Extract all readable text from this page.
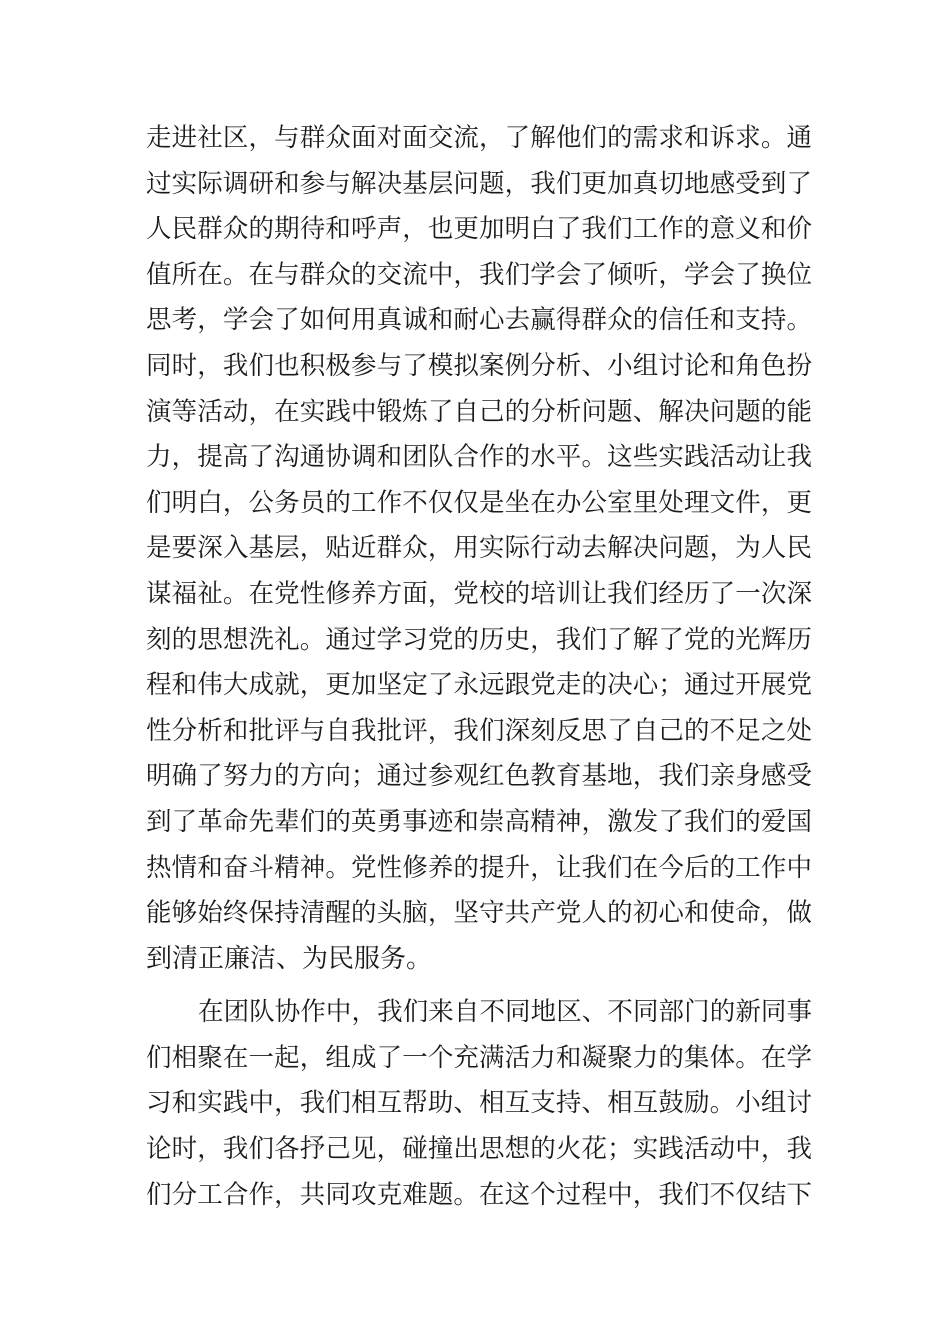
走进社区，与群众面对面交流，了解他们的需求和诉求。通
过实际调研和参与解决基层问题，我们更加真切地感受到了
人民群众的期待和呼声，也更加明白了我们工作的意义和价
值所在。在与群众的交流中，我们学会了倾听，学会了换位
思考，学会了如何用真诚和耐心去赢得群众的信任和支持。
同时，我们也积极参与了模拟案例分析、小组讨论和角色扮
演等活动，在实践中锻炼了自己的分析问题、解决问题的能
力，提高了沟通协调和团队合作的水平。这些实践活动让我
们明白，公务员的工作不仅仅是坐在办公室里处理文件，更
是要深入基层，贴近群众，用实际行动去解决问题，为人民
谋福祉。在党性修养方面，党校的培训让我们经历了一次深
刻的思想洗礼。通过学习党的历史，我们了解了党的光辉历
程和伟大成就，更加坚定了永远跟党走的决心；通过开展党
性分析和批评与自我批评，我们深刻反思了自己的不足之处
明确了努力的方向；通过参观红色教育基地，我们亲身感受
到了革命先辈们的英勇事迹和崇高精神，激发了我们的爱国
热情和奋斗精神。党性修养的提升，让我们在今后的工作中
能够始终保持清醒的头脑，坚守共产党人的初心和使命，做
到清正廉洁、为民服务。
在团队协作中，我们来自不同地区、不同部门的新同事
们相聚在一起，组成了一个充满活力和凝聚力的集体。在学
习和实践中，我们相互帮助、相互支持、相互鼓励。小组讨
论时，我们各抒己见，碰撞出思想的火花；实践活动中，我
们分工合作，共同攻克难题。在这个过程中，我们不仅结下
